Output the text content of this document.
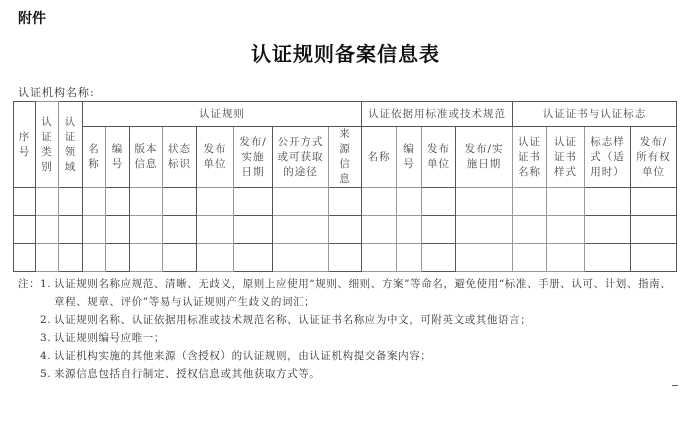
附件
认证规则备案信息表
认证机构名称:
序号	认证类别	认证领域	认证规则								认证依据用标准或技术规范				认证证书与认证标志			
			名称	编号	版本信息	状态标识	发布单位	发布/实施日期	公开方式或可获取的途径	来源信息	名称	编号	发布单位	发布/实施日期	认证证书名称	认证证书样式	标志样式（适用时）	发布/所有权单位

注： 1. 认证规则名称应规范、清晰、无歧义，原则上应使用“规则、细则、方案”等命名，避免使用“标准、手册、认可、计划、指南、
章程、规章、评价”等易与认证规则产生歧义的词汇；
2. 认证规则名称、认证依据用标准或技术规范名称、认证证书名称应为中文，可附英文或其他语言；
3. 认证规则编号应唯一；
4. 认证机构实施的其他来源（含授权）的认证规则，由认证机构提交备案内容；
5. 来源信息包括自行制定、授权信息或其他获取方式等。
